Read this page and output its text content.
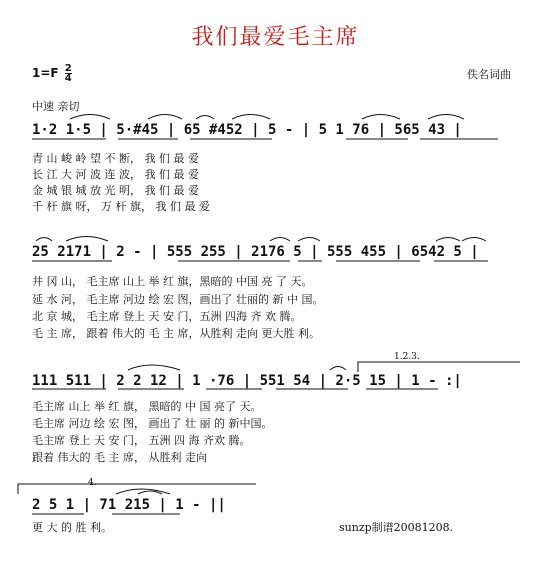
我们最爱毛主席
$1=F \frac{2}{4}$	佚名词曲
中速 亲切
1·2 1·5 | 5·#45 | 65 #452 | 5 - | 5 1 76 | 565 43 |
25 2171 | 2 - | 555 255 | 2176 5 | 555 455 | 6542 5 |
111 511 | 2 2 12 | 1 ·76 | 551 54 | 2·5 15 | 1 - :|
2 5 1 | 71 215 | 1 - ||
1.2.3.
4.
青 山 峻 岭 望 不 断， 我 们 最 爱
长 江 大 河 波 连 波， 我 们 最 爱
金 城 银 城 放 光 明， 我 们 最 爱
千 杆 旗 呀， 万 杆 旗， 我 们 最 爱
井 冈 山， 毛主席 山上 举 红 旗，黑暗的 中国 亮 了 天。
延 水 河， 毛主席 河边 绘 宏 图，画出了 壮丽的 新 中 国。
北 京 城， 毛主席 登上 天 安 门，五洲 四海 齐 欢 腾。
毛 主 席， 跟着 伟大的 毛 主 席，从胜利 走向 更大胜 利。
毛主席 山上 举 红 旗， 黑暗的 中 国 亮了 天。
毛主席 河边 绘 宏 图， 画出了 壮 丽 的 新中国。
毛主席 登上 天 安 门， 五洲 四 海 齐欢 腾。
跟着 伟大的 毛 主 席， 从胜利 走向
更 大 的 胜 利。	sunzp制谱20081208.
